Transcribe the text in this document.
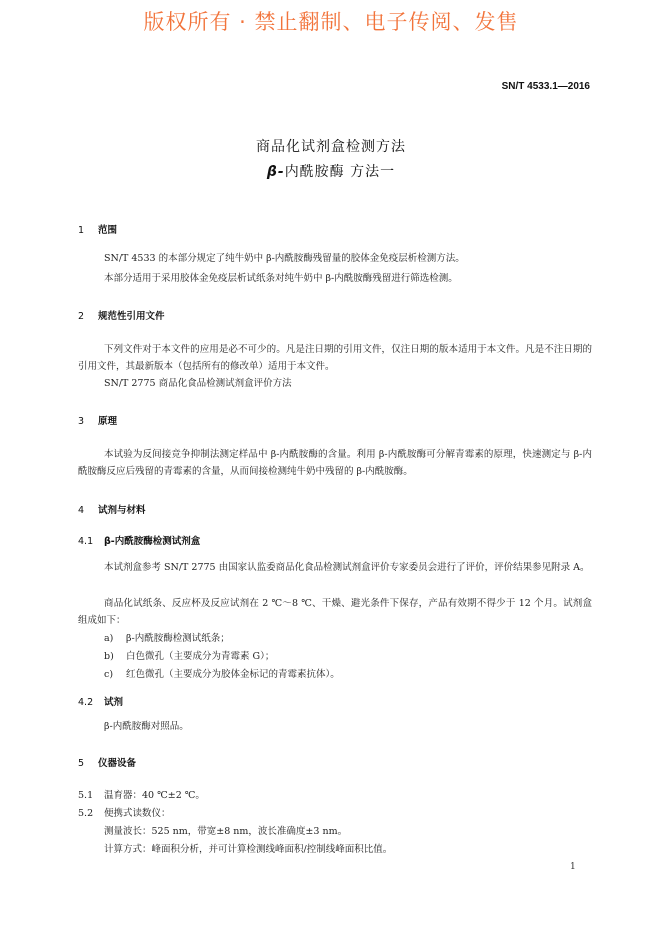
版权所有 · 禁止翻制、电子传阅、发售
SN/T 4533.1—2016
商品化试剂盒检测方法
β-内酰胺酶 方法一
1 范围
SN/T 4533 的本部分规定了纯牛奶中 β-内酰胺酶残留量的胶体金免疫层析检测方法。
本部分适用于采用胶体金免疫层析试纸条对纯牛奶中 β-内酰胺酶残留进行筛选检测。
2 规范性引用文件
下列文件对于本文件的应用是必不可少的。凡是注日期的引用文件，仅注日期的版本适用于本文件。凡是不注日期的引用文件，其最新版本（包括所有的修改单）适用于本文件。
SN/T 2775 商品化食品检测试剂盒评价方法
3 原理
本试验为反间接竞争抑制法测定样品中 β-内酰胺酶的含量。利用 β-内酰胺酶可分解青霉素的原理，快速测定与 β-内酰胺酶反应后残留的青霉素的含量，从而间接检测纯牛奶中残留的 β-内酰胺酶。
4 试剂与材料
4.1 β-内酰胺酶检测试剂盒
本试剂盒参考 SN/T 2775 由国家认监委商品化食品检测试剂盒评价专家委员会进行了评价，评价结果参见附录 A。
商品化试纸条、反应杯及反应试剂在 2 ℃～8 ℃、干燥、避光条件下保存，产品有效期不得少于 12 个月。试剂盒组成如下：
a) β-内酰胺酶检测试纸条；
b) 白色微孔（主要成分为青霉素 G）；
c) 红色微孔（主要成分为胶体金标记的青霉素抗体）。
4.2 试剂
β-内酰胺酶对照品。
5 仪器设备
5.1 温育器：40 ℃±2 ℃。
5.2 便携式读数仪：
测量波长：525 nm，带宽±8 nm，波长准确度±3 nm。
计算方式：峰面积分析，并可计算检测线峰面积/控制线峰面积比值。
1
